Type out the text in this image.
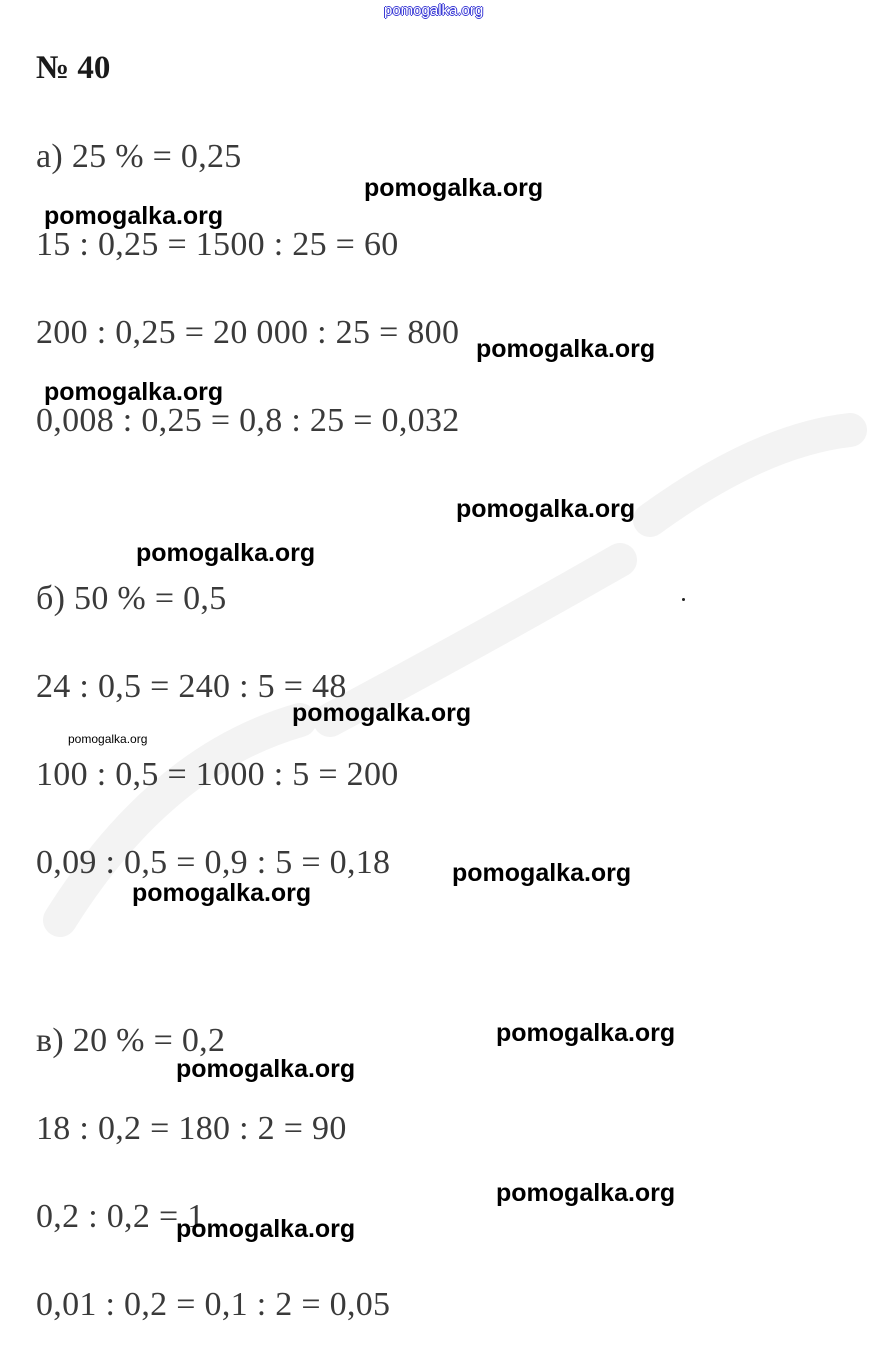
pomogalka.org
№ 40
а) 25 % = 0,25
15 : 0,25 = 1500 : 25 = 60
200 : 0,25 = 20 000 : 25 = 800
0,008 : 0,25 = 0,8 : 25 = 0,032
б) 50 % = 0,5
24 : 0,5 = 240 : 5 = 48
100 : 0,5 = 1000 : 5 = 200
0,09 : 0,5 = 0,9 : 5 = 0,18
в) 20 % = 0,2
18 : 0,2 = 180 : 2 = 90
0,2 : 0,2 = 1
0,01 : 0,2 = 0,1 : 2 = 0,05
pomogalka.org
pomogalka.org
pomogalka.org
pomogalka.org
pomogalka.org
pomogalka.org
pomogalka.org
pomogalka.org
pomogalka.org
pomogalka.org
pomogalka.org
pomogalka.org
pomogalka.org
pomogalka.org
